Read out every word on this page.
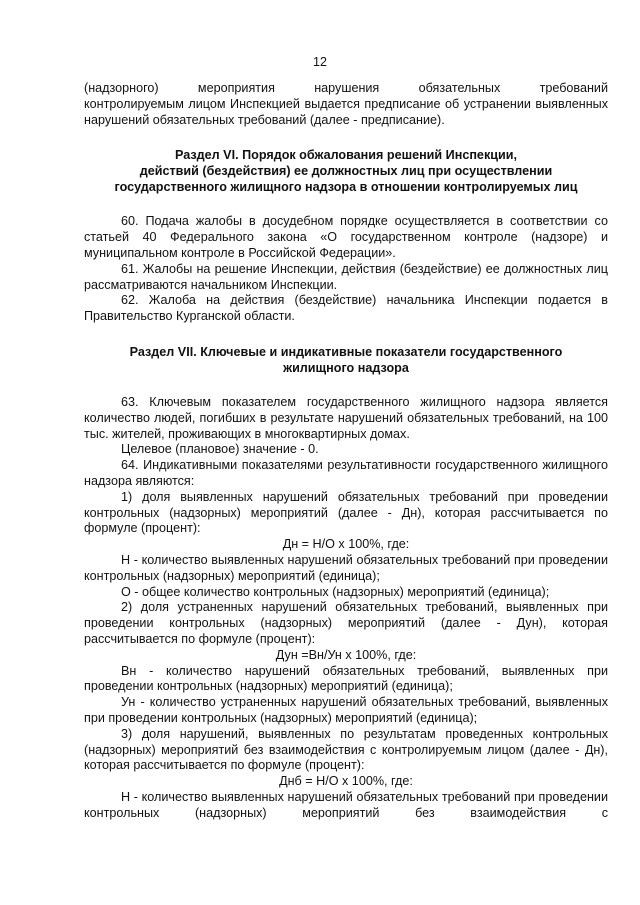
12

(надзорного) мероприятия нарушения обязательных требований

контролируемым лицом Инспекцией выдается предписание об устранении выявленных нарушений обязательных требований (далее - предписание).

Раздел VI. Порядок обжалования решений Инспекции,
действий (бездействия) ее должностных лиц при осуществлении
государственного жилищного надзора в отношении контролируемых лиц

60. Подача жалобы в досудебном порядке осуществляется в соответствии со статьей 40 Федерального закона «О государственном контроле (надзоре) и муниципальном контроле в Российской Федерации».

61. Жалобы на решение Инспекции, действия (бездействие) ее должностных лиц рассматриваются начальником Инспекции.

62. Жалоба на действия (бездействие) начальника Инспекции подается в Правительство Курганской области.

Раздел VII. Ключевые и индикативные показатели государственного
жилищного надзора

63. Ключевым показателем государственного жилищного надзора является количество людей, погибших в результате нарушений обязательных требований, на 100 тыс. жителей, проживающих в многоквартирных домах.

Целевое (плановое) значение - 0.

64. Индикативными показателями результативности государственного жилищного надзора являются:

1) доля выявленных нарушений обязательных требований при проведении контрольных (надзорных) мероприятий (далее - Дн), которая рассчитывается по формуле (процент):

Дн = Н/О х 100%, где:

Н - количество выявленных нарушений обязательных требований при проведении контрольных (надзорных) мероприятий (единица);

О - общее количество контрольных (надзорных) мероприятий (единица);

2) доля устраненных нарушений обязательных требований, выявленных при проведении контрольных (надзорных) мероприятий (далее - Дун), которая рассчитывается по формуле (процент):

Дун =Вн/Ун х 100%, где:

Вн - количество нарушений обязательных требований, выявленных при проведении контрольных (надзорных) мероприятий (единица);

Ун - количество устраненных нарушений обязательных требований, выявленных при проведении контрольных (надзорных) мероприятий (единица);

3) доля нарушений, выявленных по результатам проведенных контрольных (надзорных) мероприятий без взаимодействия с контролируемым лицом (далее - Дн), которая рассчитывается по формуле (процент):

Днб = Н/О х 100%, где:

Н - количество выявленных нарушений обязательных требований при проведении контрольных (надзорных) мероприятий без взаимодействия с
